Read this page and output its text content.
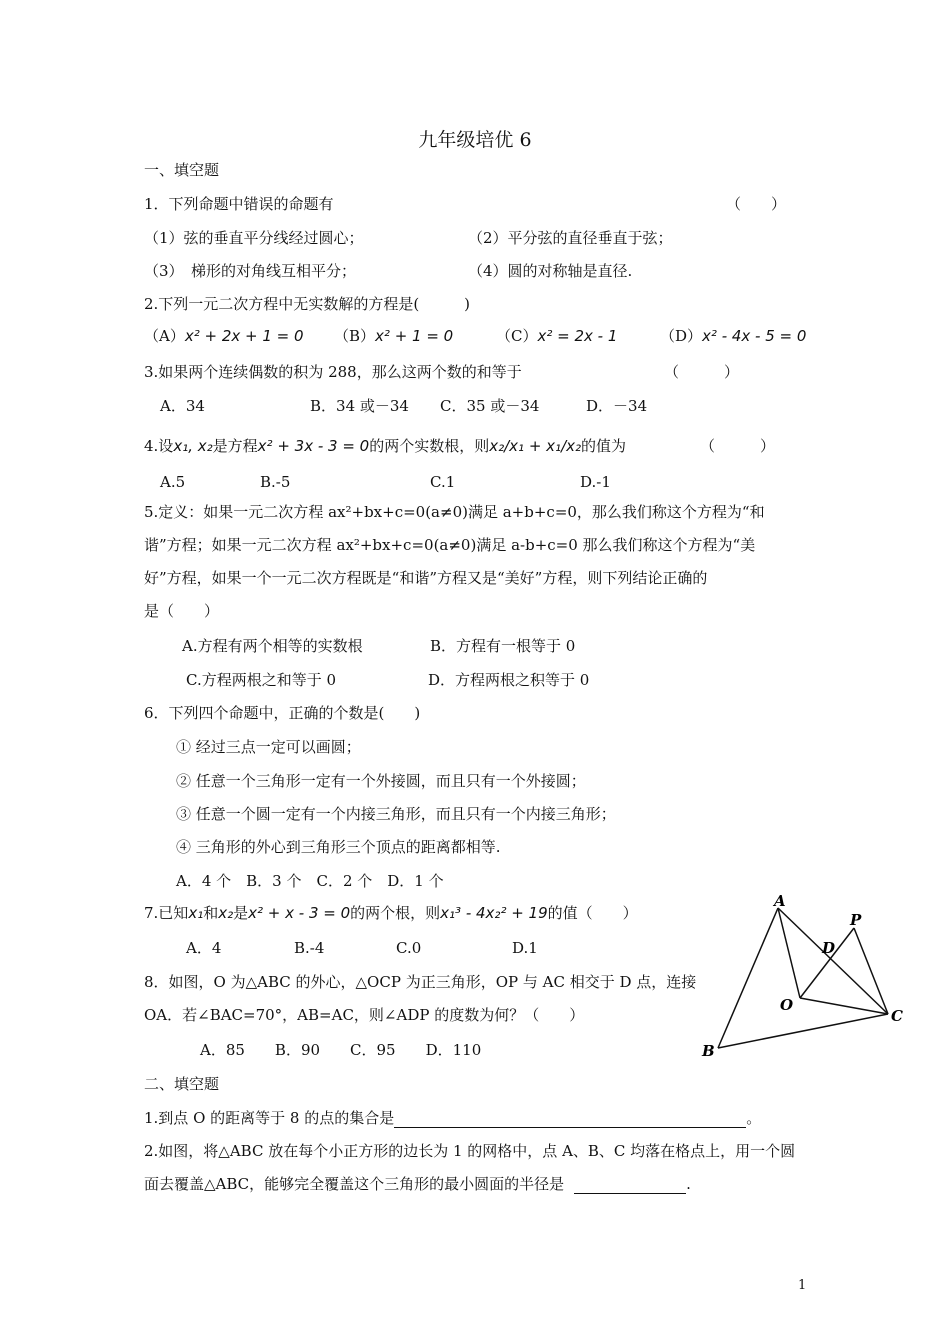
九年级培优 6
一、填空题
1．下列命题中错误的命题有	（　　）
（1）弦的垂直平分线经过圆心；	（2）平分弦的直径垂直于弦；
（3）　梯形的对角线互相平分；	（4）圆的对称轴是直径.
2.下列一元二次方程中无实数解的方程是(　　　)
（A）x² + 2x + 1 = 0 （B）x² + 1 = 0	（C）x² = 2x - 1	（D）x² - 4x - 5 = 0
3.如果两个连续偶数的积为 288，那么这两个数的和等于	（　　　）
A．34	B．34 或－34 C．35 或－34	D．－34
4.设x₁, x₂是方程x² + 3x - 3 = 0的两个实数根，则x₂/x₁ + x₁/x₂的值为	（　　　）
A.5	B.-5	C.1	D.-1
5.定义：如果一元二次方程 ax²+bx+c=0(a≠0)满足 a+b+c=0，那么我们称这个方程为“和
谐”方程；如果一元二次方程 ax²+bx+c=0(a≠0)满足 a-b+c=0 那么我们称这个方程为“美
好”方程，如果一个一元二次方程既是“和谐”方程又是“美好”方程，则下列结论正确的
是（　　）
A.方程有两个相等的实数根	B．方程有一根等于 0
C.方程两根之和等于 0	D．方程两根之积等于 0
6．下列四个命题中，正确的个数是(　　)
① 经过三点一定可以画圆；
② 任意一个三角形一定有一个外接圆，而且只有一个外接圆；
③ 任意一个圆一定有一个内接三角形，而且只有一个内接三角形；
④ 三角形的外心到三角形三个顶点的距离都相等.
A．4 个　B．3 个　C．2 个　D．1 个
7.已知x₁和x₂是x² + x - 3 = 0的两个根，则x₁³ - 4x₂² + 19的值（　　）
A．4	B.-4	C.0	D.1
8．如图，O 为△ABC 的外心，△OCP 为正三角形，OP 与 AC 相交于 D 点，连接
OA．若∠BAC=70°，AB=AC，则∠ADP 的度数为何？（　　）
A．85　　B．90　　C．95　　D．110
A
B
C
D
O
P
二、填空题
1.到点 O 的距离等于 8 的点的集合是	。
2.如图，将△ABC 放在每个小正方形的边长为 1 的网格中，点 A、B、C 均落在格点上，用一个圆
面去覆盖△ABC，能够完全覆盖这个三角形的最小圆面的半径是	.
1
